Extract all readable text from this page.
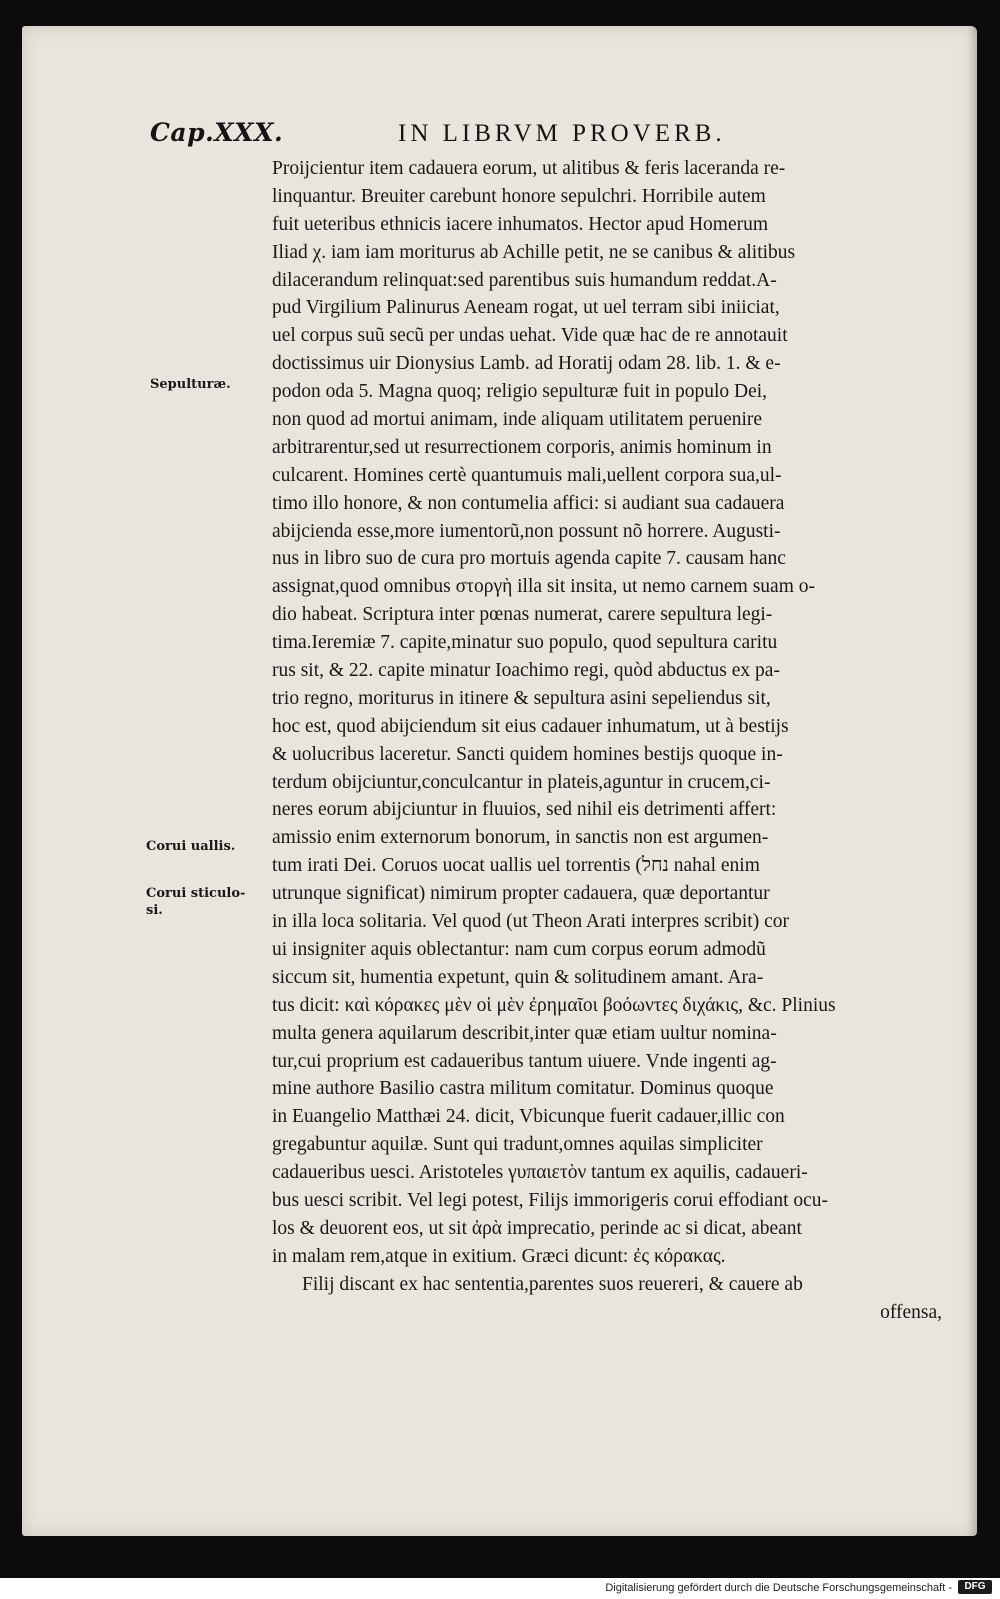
Cap.XXX.	IN LIBRVM PROVERB.
Sepulturæ.
Corui uallis.
Corui sticulo-
si.
Proijcientur item cadauera eorum, ut alitibus & feris laceranda re-
linquantur. Breuiter carebunt honore sepulchri. Horribile autem
fuit ueteribus ethnicis iacere inhumatos. Hector apud Homerum
Iliad χ. iam iam moriturus ab Achille petit, ne se canibus & alitibus
dilacerandum relinquat:sed parentibus suis humandum reddat.A-
pud Virgilium Palinurus Aeneam rogat, ut uel terram sibi iniiciat,
uel corpus suũ secũ per undas uehat. Vide quæ hac de re annotauit
doctissimus uir Dionysius Lamb. ad Horatij odam 28. lib. 1. & e-
podon oda 5. Magna quoq; religio sepulturæ fuit in populo Dei,
non quod ad mortui animam, inde aliquam utilitatem peruenire
arbitrarentur,sed ut resurrectionem corporis, animis hominum in
culcarent. Homines certè quantumuis mali,uellent corpora sua,ul-
timo illo honore, & non contumelia affici: si audiant sua cadauera
abijcienda esse,more iumentorũ,non possunt nõ horrere. Augusti-
nus in libro suo de cura pro mortuis agenda capite 7. causam hanc
assignat,quod omnibus στοργὴ illa sit insita, ut nemo carnem suam o-
dio habeat. Scriptura inter pœnas numerat, carere sepultura legi-
tima.Ieremiæ 7. capite,minatur suo populo, quod sepultura caritu
rus sit, & 22. capite minatur Ioachimo regi, quòd abductus ex pa-
trio regno, moriturus in itinere & sepultura asini sepeliendus sit,
hoc est, quod abijciendum sit eius cadauer inhumatum, ut à bestijs
& uolucribus laceretur. Sancti quidem homines bestijs quoque in-
terdum obijciuntur,conculcantur in plateis,aguntur in crucem,ci-
neres eorum abijciuntur in fluuios, sed nihil eis detrimenti affert:
amissio enim externorum bonorum, in sanctis non est argumen-
tum irati Dei. Coruos uocat uallis uel torrentis (נחל nahal enim
utrunque significat) nimirum propter cadauera, quæ deportantur
in illa loca solitaria. Vel quod (ut Theon Arati interpres scribit) cor
ui insigniter aquis oblectantur: nam cum corpus eorum admodũ
siccum sit, humentia expetunt, quin & solitudinem amant. Ara-
tus dicit: καὶ κόρακες μὲν οἱ μὲν ἐρημαῖοι βοόωντες διχάκις, &c. Plinius
multa genera aquilarum describit,inter quæ etiam uultur nomina-
tur,cui proprium est cadaueribus tantum uiuere. Vnde ingenti ag-
mine authore Basilio castra militum comitatur. Dominus quoque
in Euangelio Matthæi 24. dicit, Vbicunque fuerit cadauer,illic con
gregabuntur aquilæ. Sunt qui tradunt,omnes aquilas simpliciter
cadaueribus uesci. Aristoteles γυπαιετὸν tantum ex aquilis, cadaueri-
bus uesci scribit. Vel legi potest, Filijs immorigeris corui effodiant ocu-
los & deuorent eos, ut sit ἀρὰ imprecatio, perinde ac si dicat, abeant
in malam rem,atque in exitium. Græci dicunt: ἐς κόρακας.
Filij discant ex hac sententia,parentes suos reuereri, & cauere ab
offensa,
Digitalisierung gefördert durch die Deutsche Forschungsgemeinschaft -	DFG
